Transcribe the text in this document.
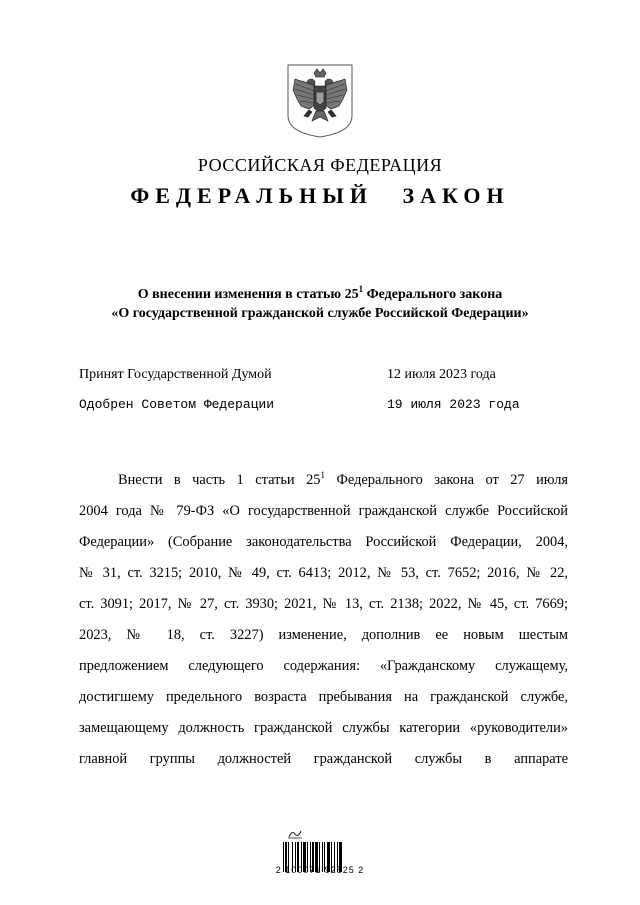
РОССИЙСКАЯ ФЕДЕРАЦИЯ
ФЕДЕРАЛЬНЫЙ ЗАКОН
О внесении изменения в статью $25^1$ Федерального закона
«О государственной гражданской службе Российской Федерации»
Принят Государственной Думой	12 июля 2023 года
Одобрен Советом Федерации	19 июля 2023 года
Внести в часть 1 статьи $25^1$ Федерального закона от 27 июля
2004 года № 79-ФЗ «О государственной гражданской службе Российской
Федерации» (Собрание законодательства Российской Федерации, 2004,
№ 31, ст. 3215; 2010, № 49, ст. 6413; 2012, № 53, ст. 7652; 2016, № 22,
ст. 3091; 2017, № 27, ст. 3930; 2021, № 13, ст. 2138; 2022, № 45, ст. 7669;
2023, № 18, ст. 3227) изменение, дополнив ее новым шестым
предложением следующего содержания: «Гражданскому служащему,
достигшему предельного возраста пребывания на гражданской службе,
замещающему должность гражданской службы категории «руководители»
главной группы должностей гражданской службы в аппарате
2 100071 92525 2
